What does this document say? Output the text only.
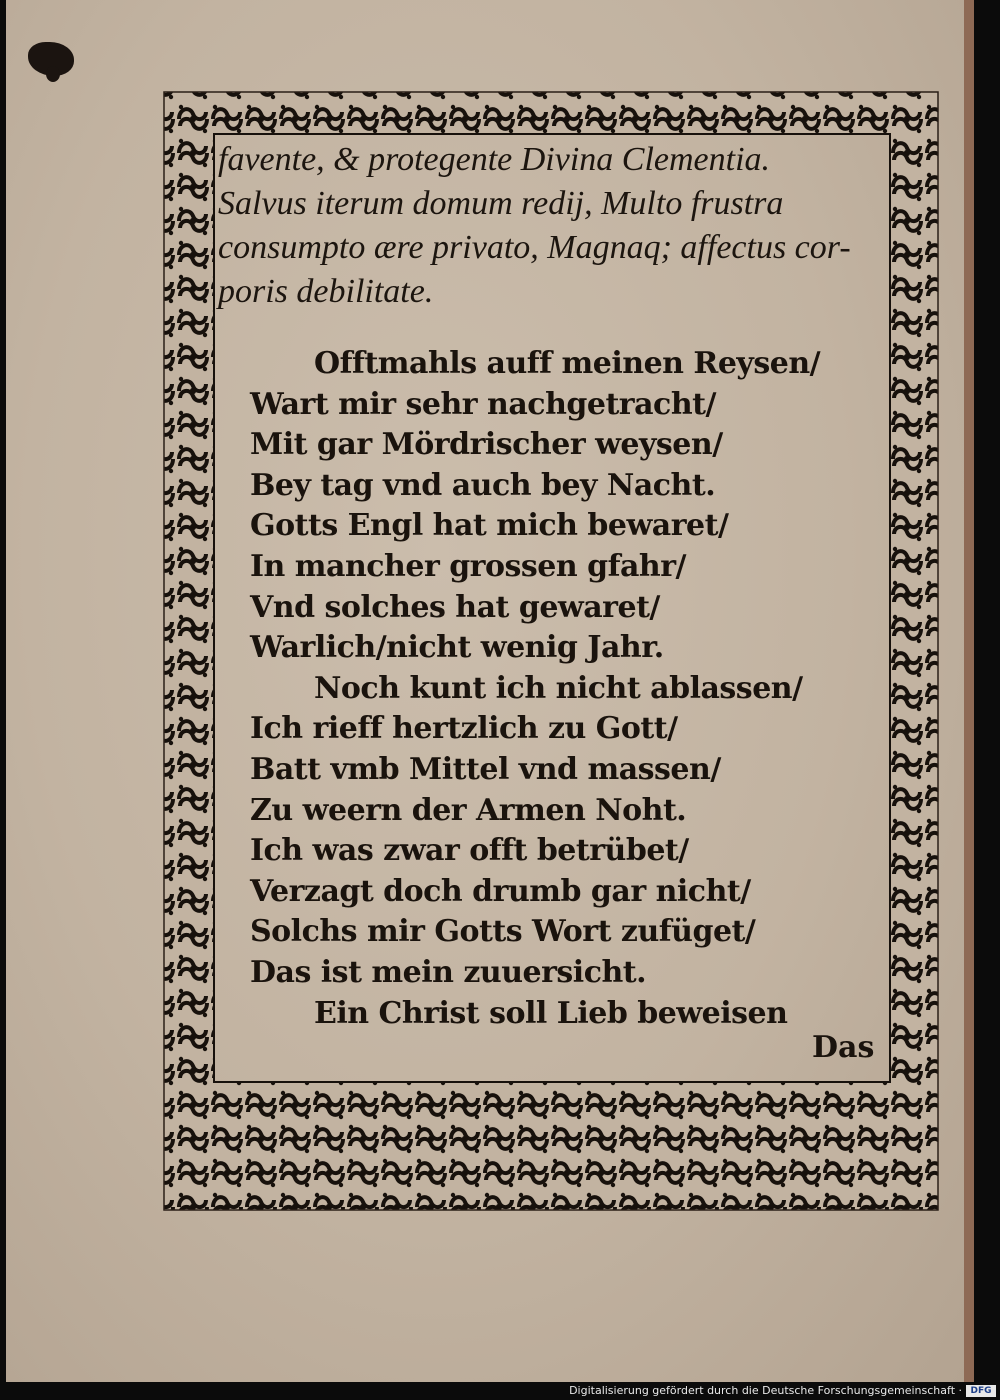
favente, & protegente Divina Clementia.
Salvus iterum domum redij, Multo frustra
consumpto ære privato, Magnaq; affectus cor-
poris debilitate.
Offtmahls auff meinen Reysen/
Wart mir sehr nachgetracht/
Mit gar Mördrischer weysen/
Bey tag vnd auch bey Nacht.
Gotts Engl hat mich bewaret/
In mancher grossen gfahr/
Vnd solches hat gewaret/
Warlich/nicht wenig Jahr.
Noch kunt ich nicht ablassen/
Ich rieff hertzlich zu Gott/
Batt vmb Mittel vnd massen/
Zu weern der Armen Noht.
Ich was zwar offt betrübet/
Verzagt doch drumb gar nicht/
Solchs mir Gotts Wort zufüget/
Das ist mein zuuersicht.
Ein Christ soll Lieb beweisen
Das
Digitalisierung gefördert durch die Deutsche Forschungsgemeinschaft · DFG
